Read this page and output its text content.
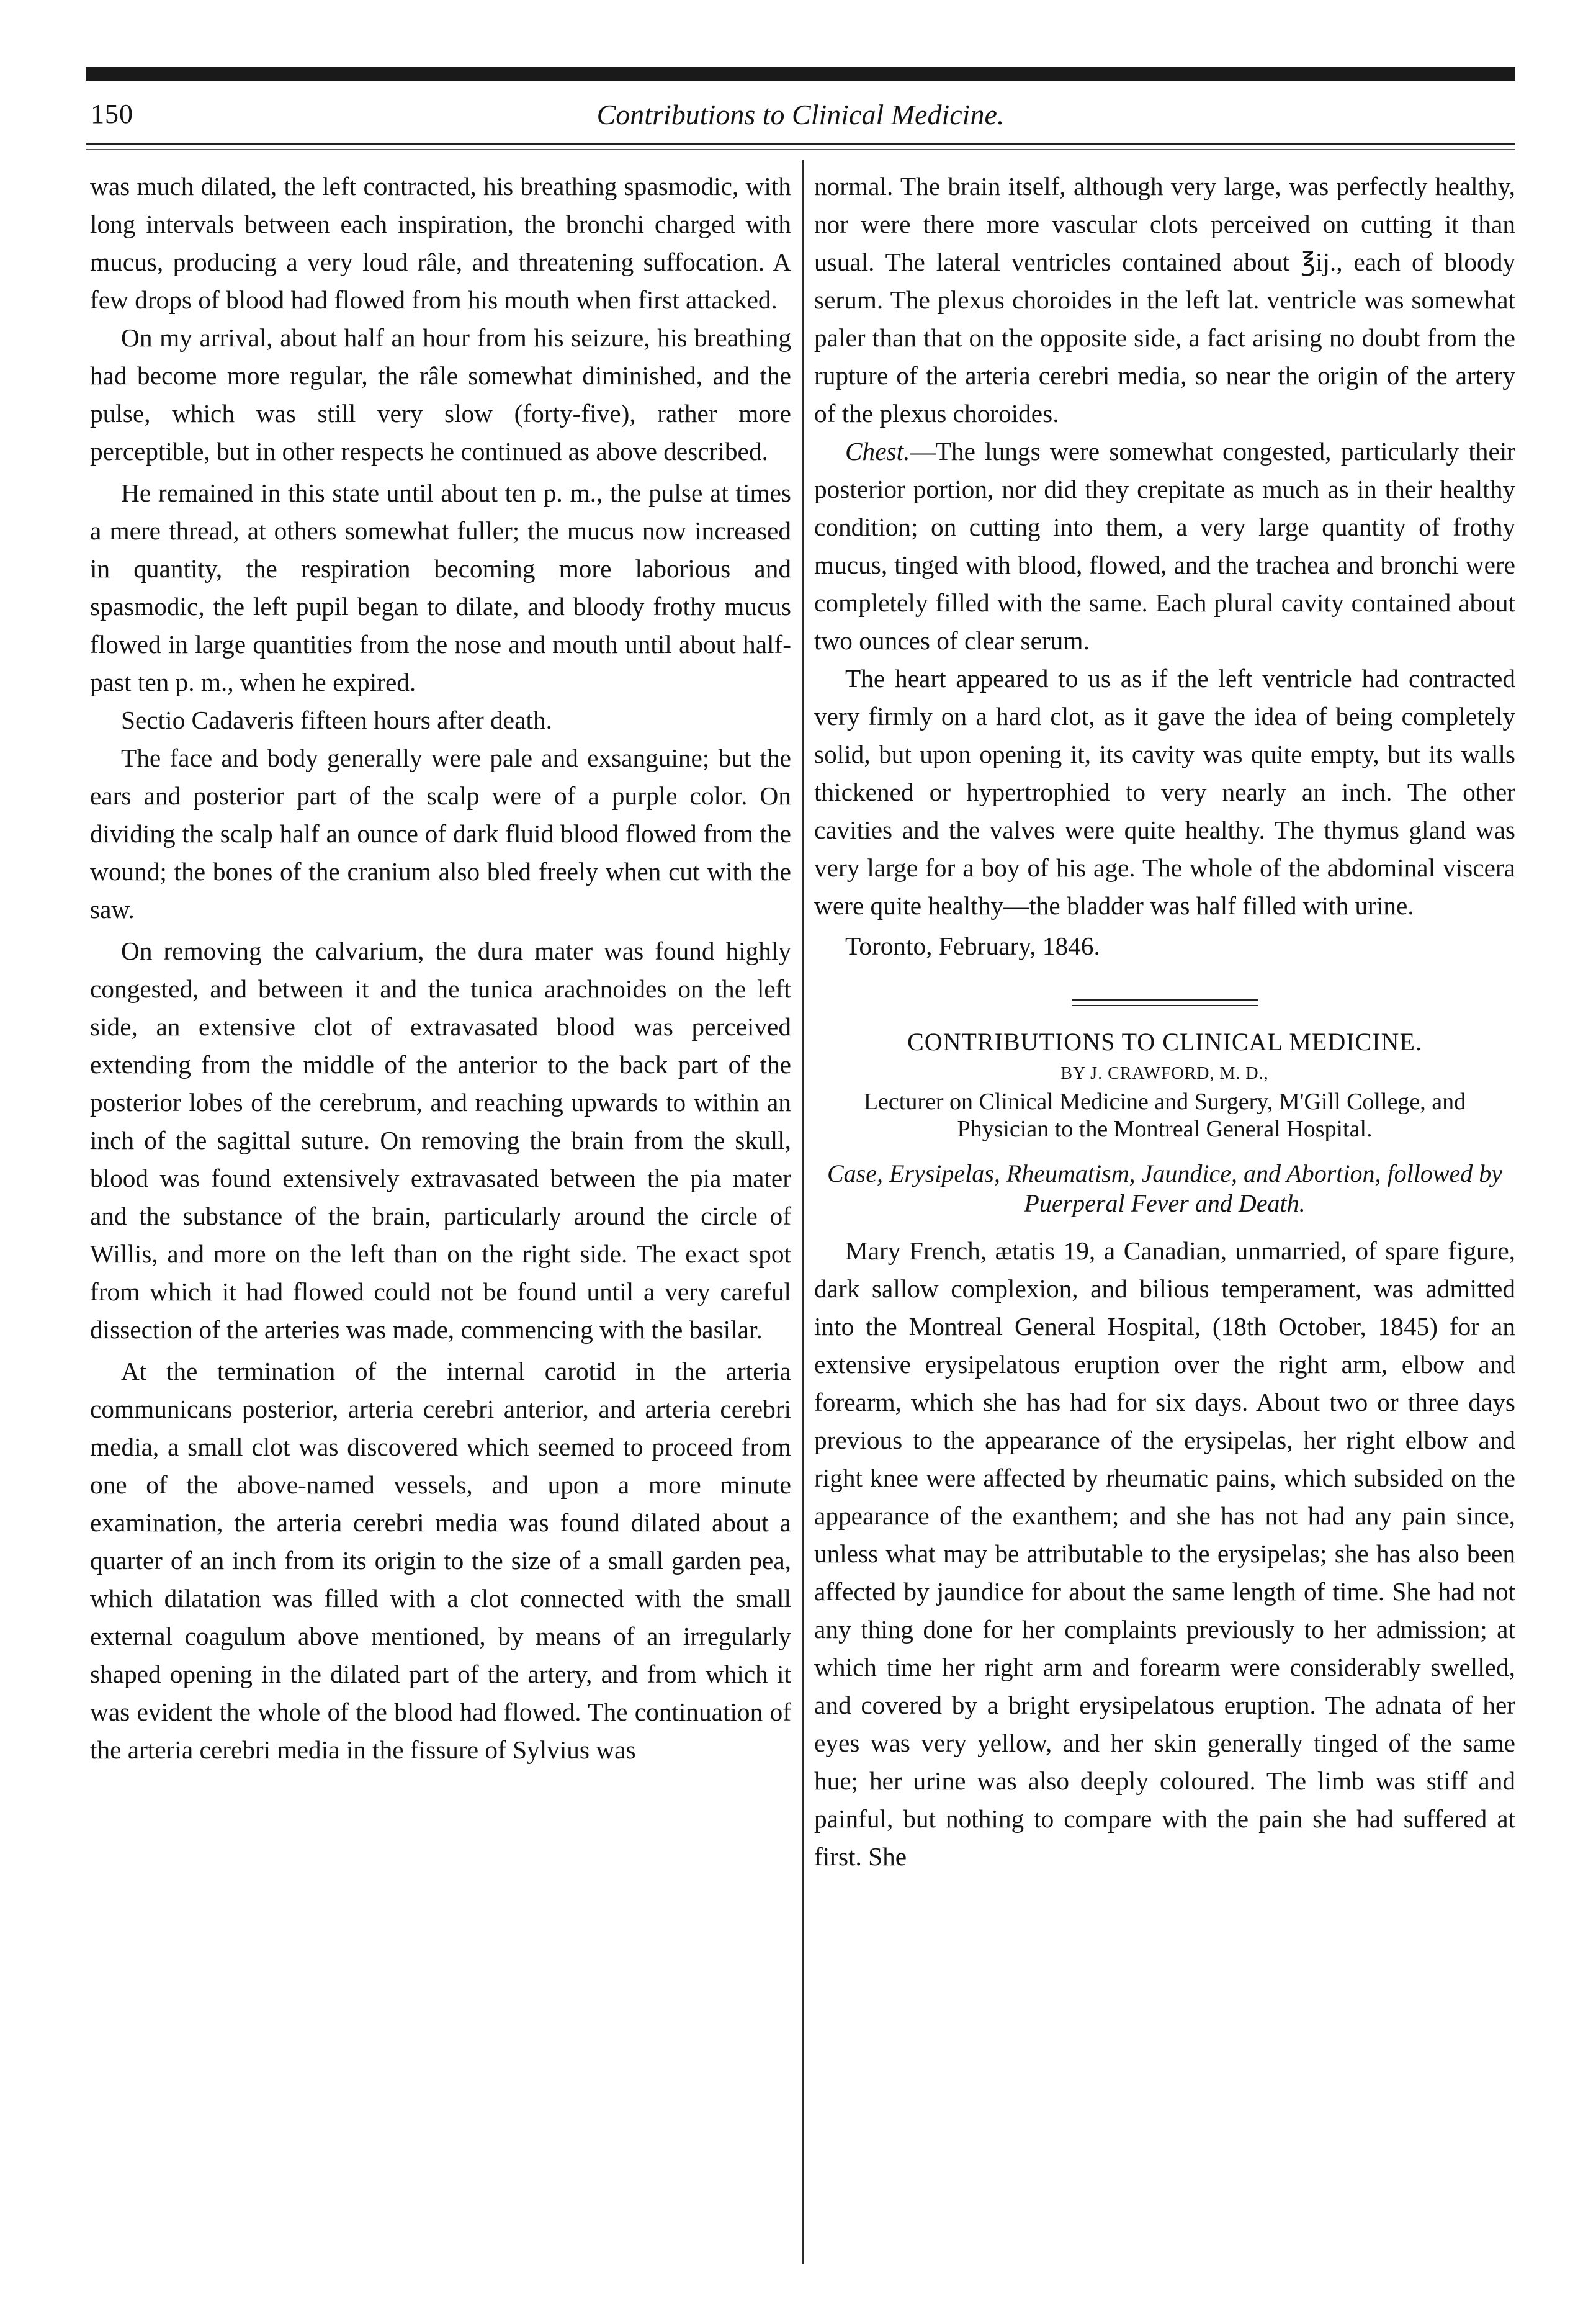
150	Contributions to Clinical Medicine.

was much dilated, the left contracted, his breathing spasmodic, with long intervals between each inspiration, the bronchi charged with mucus, producing a very loud râle, and threatening suffocation. A few drops of blood had flowed from his mouth when first attacked.

On my arrival, about half an hour from his seizure, his breathing had become more regular, the râle somewhat diminished, and the pulse, which was still very slow (forty-five), rather more perceptible, but in other respects he continued as above described.

He remained in this state until about ten p. m., the pulse at times a mere thread, at others somewhat fuller; the mucus now increased in quantity, the respiration becoming more laborious and spasmodic, the left pupil began to dilate, and bloody frothy mucus flowed in large quantities from the nose and mouth until about half-past ten p. m., when he expired.

Sectio Cadaveris fifteen hours after death.

The face and body generally were pale and exsanguine; but the ears and posterior part of the scalp were of a purple color. On dividing the scalp half an ounce of dark fluid blood flowed from the wound; the bones of the cranium also bled freely when cut with the saw.

On removing the calvarium, the dura mater was found highly congested, and between it and the tunica arachnoides on the left side, an extensive clot of extravasated blood was perceived extending from the middle of the anterior to the back part of the posterior lobes of the cerebrum, and reaching upwards to within an inch of the sagittal suture. On removing the brain from the skull, blood was found extensively extravasated between the pia mater and the substance of the brain, particularly around the circle of Willis, and more on the left than on the right side. The exact spot from which it had flowed could not be found until a very careful dissection of the arteries was made, commencing with the basilar.

At the termination of the internal carotid in the arteria communicans posterior, arteria cerebri anterior, and arteria cerebri media, a small clot was discovered which seemed to proceed from one of the above-named vessels, and upon a more minute examination, the arteria cerebri media was found dilated about a quarter of an inch from its origin to the size of a small garden pea, which dilatation was filled with a clot connected with the small external coagulum above mentioned, by means of an irregularly shaped opening in the dilated part of the artery, and from which it was evident the whole of the blood had flowed. The continuation of the arteria cerebri media in the fissure of Sylvius was

normal. The brain itself, although very large, was perfectly healthy, nor were there more vascular clots perceived on cutting it than usual. The lateral ventricles contained about ℥ij., each of bloody serum. The plexus choroides in the left lat. ventricle was somewhat paler than that on the opposite side, a fact arising no doubt from the rupture of the arteria cerebri media, so near the origin of the artery of the plexus choroides.

Chest.—The lungs were somewhat congested, particularly their posterior portion, nor did they crepitate as much as in their healthy condition; on cutting into them, a very large quantity of frothy mucus, tinged with blood, flowed, and the trachea and bronchi were completely filled with the same. Each plural cavity contained about two ounces of clear serum.

The heart appeared to us as if the left ventricle had contracted very firmly on a hard clot, as it gave the idea of being completely solid, but upon opening it, its cavity was quite empty, but its walls thickened or hypertrophied to very nearly an inch. The other cavities and the valves were quite healthy. The thymus gland was very large for a boy of his age. The whole of the abdominal viscera were quite healthy—the bladder was half filled with urine.

Toronto, February, 1846.

CONTRIBUTIONS TO CLINICAL MEDICINE.
BY J. CRAWFORD, M. D.,
Lecturer on Clinical Medicine and Surgery, M'Gill College, and Physician to the Montreal General Hospital.
Case, Erysipelas, Rheumatism, Jaundice, and Abortion, followed by Puerperal Fever and Death.

Mary French, ætatis 19, a Canadian, unmarried, of spare figure, dark sallow complexion, and bilious temperament, was admitted into the Montreal General Hospital, (18th October, 1845) for an extensive erysipelatous eruption over the right arm, elbow and forearm, which she has had for six days. About two or three days previous to the appearance of the erysipelas, her right elbow and right knee were affected by rheumatic pains, which subsided on the appearance of the exanthem; and she has not had any pain since, unless what may be attributable to the erysipelas; she has also been affected by jaundice for about the same length of time. She had not any thing done for her complaints previously to her admission; at which time her right arm and forearm were considerably swelled, and covered by a bright erysipelatous eruption. The adnata of her eyes was very yellow, and her skin generally tinged of the same hue; her urine was also deeply coloured. The limb was stiff and painful, but nothing to compare with the pain she had suffered at first. She
